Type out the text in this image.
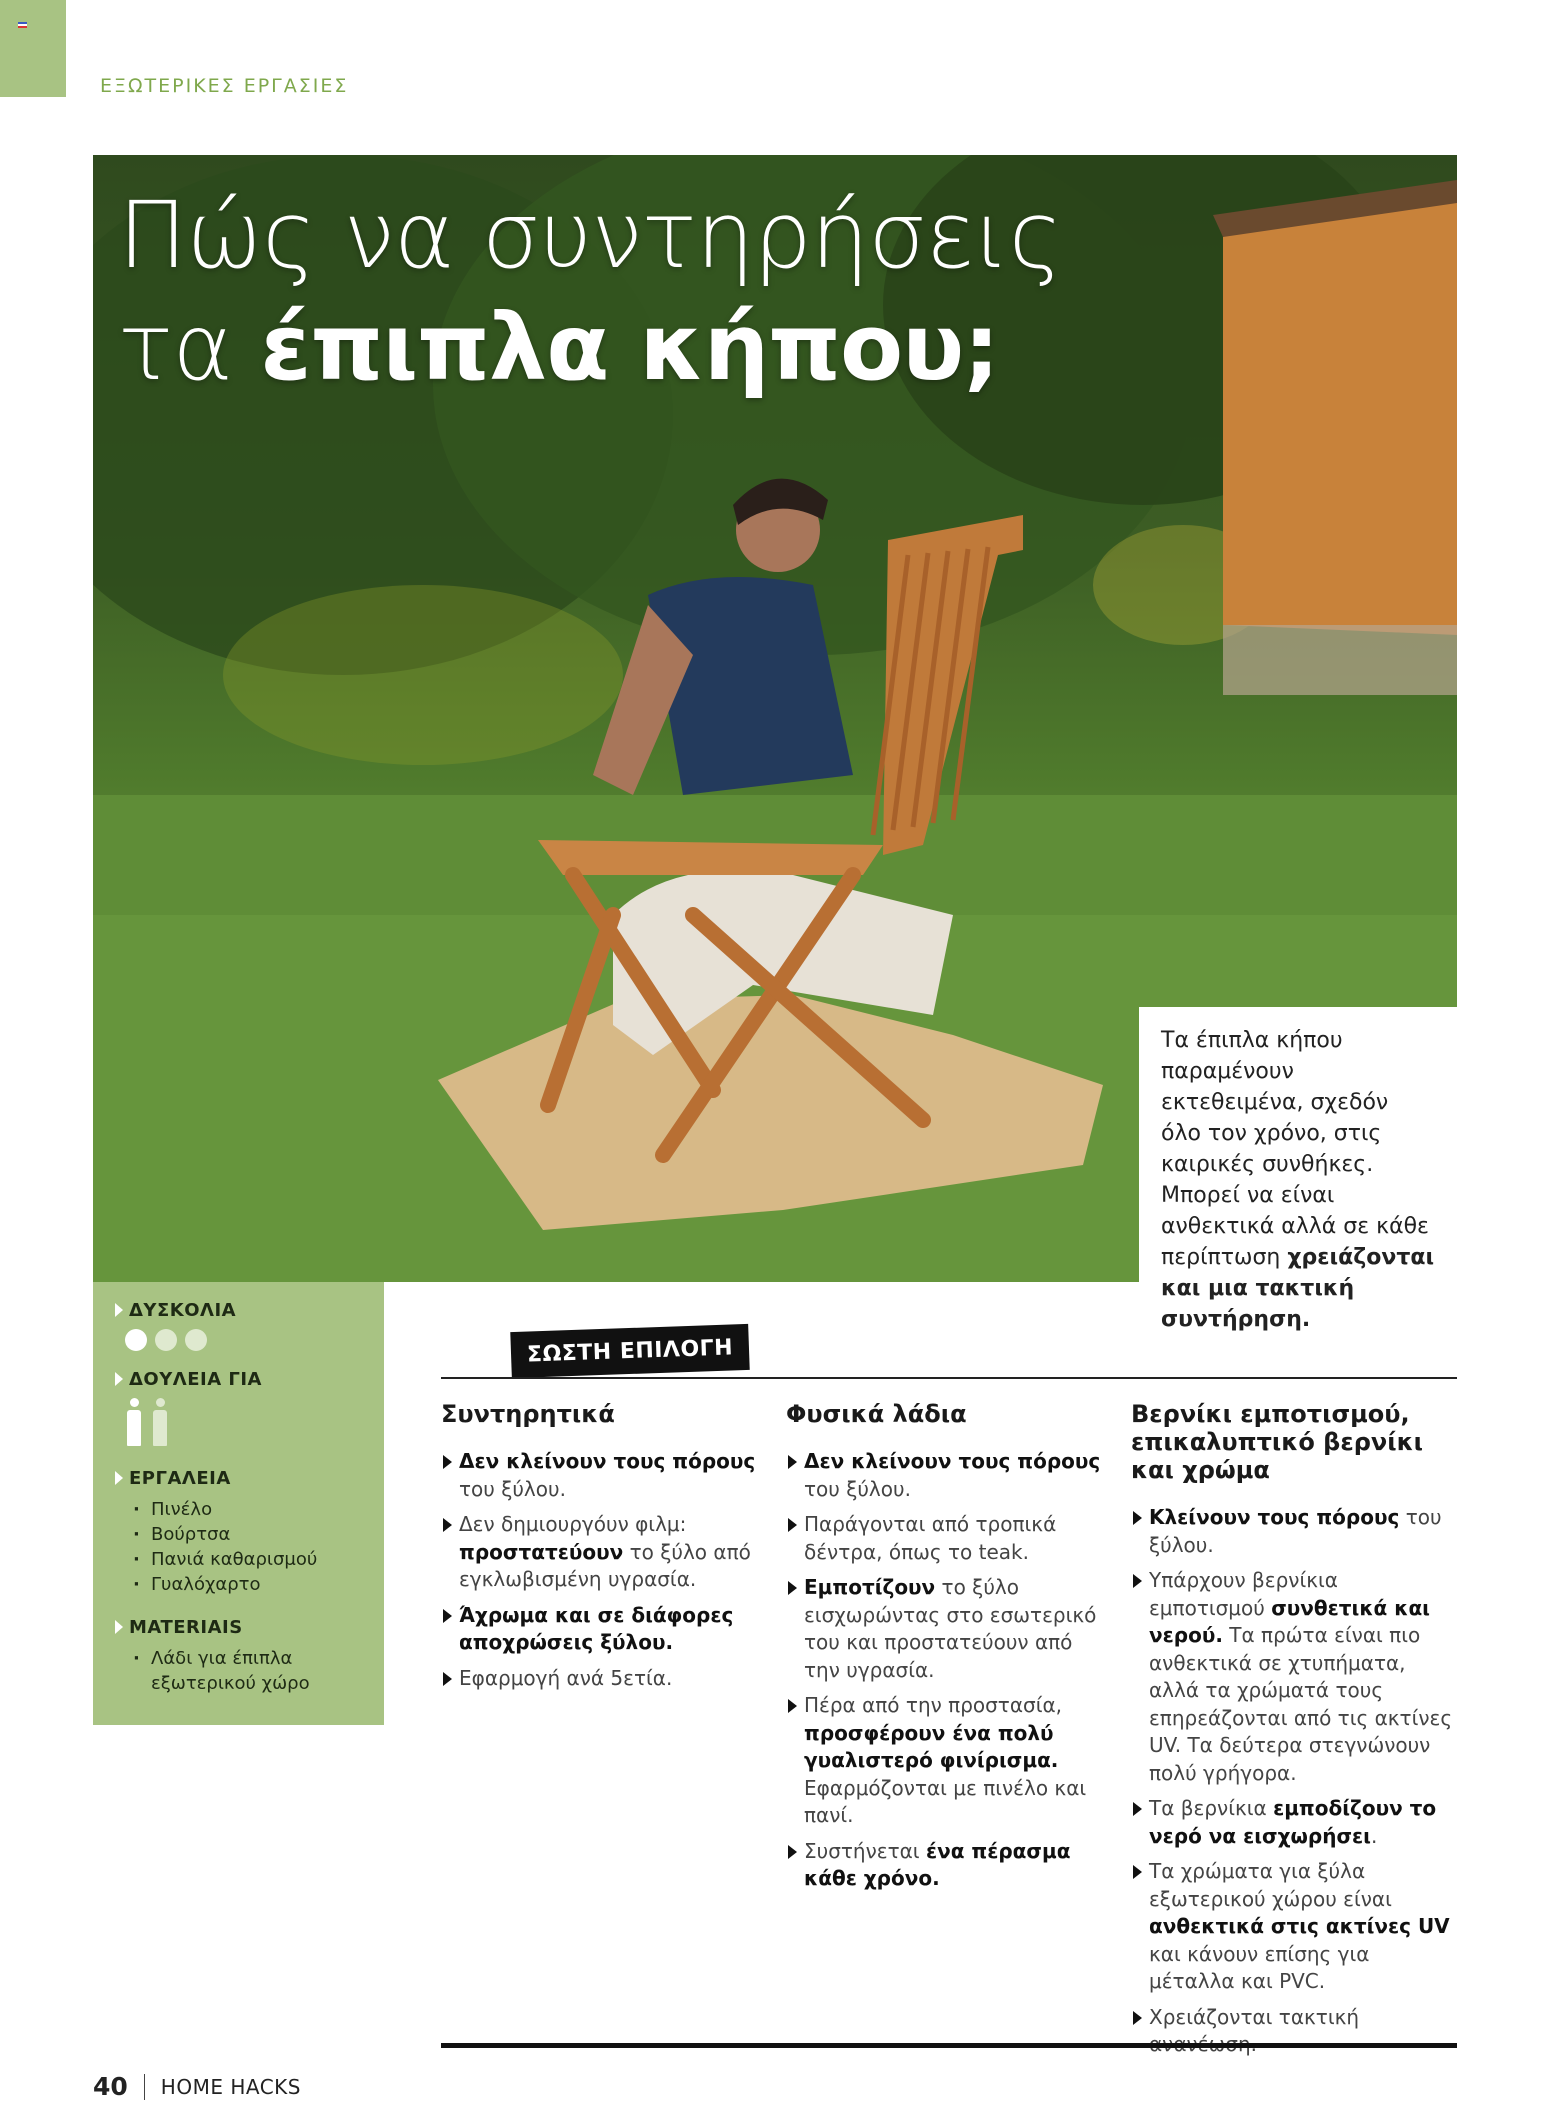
ΕΞΩΤΕΡΙΚΕΣ ΕΡΓΑΣΙΕΣ
Πώς να συντηρήσεις
τα έπιπλα κήπου;
Τα έπιπλα κήπου παραμένουν εκτεθειμένα, σχεδόν όλο τον χρόνο, στις καιρικές συνθήκες. Μπορεί να είναι ανθεκτικά αλλά σε κάθε περίπτωση χρειάζονται και μια τακτική συντήρηση.
ΔΥΣΚΟΛΙΑ
ΔΟΥΛΕΙΑ ΓΙΑ
ΕΡΓΑΛΕΙΑ
· Πινέλο
· Βούρτσα
· Πανιά καθαρισμού
· Γυαλόχαρτο
MATERIAIS
· Λάδι για έπιπλα
εξωτερικού χώρο
ΣΩΣΤΗ ΕΠΙΛΟΓΗ
Συντηρητικά
Δεν κλείνουν τους πόρους του ξύλου.
Δεν δημιουργόυν φιλμ: προστατεύουν το ξύλο από εγκλωβισμένη υγρασία.
Άχρωμα και σε διάφορες αποχρώσεις ξύλου.
Εφαρμογή ανά 5ετία.
Φυσικά λάδια
Δεν κλείνουν τους πόρους του ξύλου.
Παράγονται από τροπικά δέντρα, όπως το teak.
Εμποτίζουν το ξύλο εισχωρώντας στο εσωτερικό του και προστατεύουν από την υγρασία.
Πέρα από την προστασία, προσφέρουν ένα πολύ γυαλιστερό φινίρισμα. Εφαρμόζονται με πινέλο και πανί.
Συστήνεται ένα πέρασμα κάθε χρόνο.
Βερνίκι εμποτισμού, επικαλυπτικό βερνίκι και χρώμα
Κλείνουν τους πόρους του ξύλου.
Υπάρχουν βερνίκια εμποτισμού συνθετικά και νερού. Τα πρώτα είναι πιο ανθεκτικά σε χτυπήματα, αλλά τα χρώματά τους επηρεάζονται από τις ακτίνες UV. Τα δεύτερα στεγνώνουν πολύ γρήγορα.
Τα βερνίκια εμποδίζουν το νερό να εισχωρήσει.
Τα χρώματα για ξύλα εξωτερικού χώρου είναι ανθεκτικά στις ακτίνες UV και κάνουν επίσης για μέταλλα και PVC.
Χρειάζονται τακτική
40 HOME HACKS
